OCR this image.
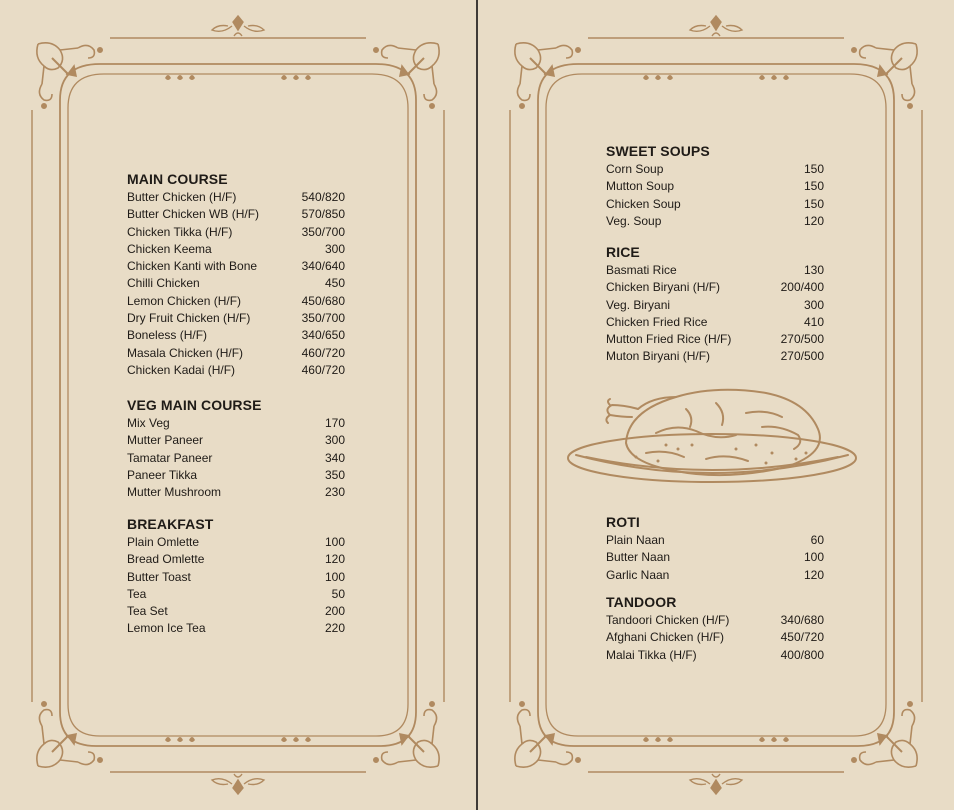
MAIN COURSE
Butter Chicken (H/F)	540/820
Butter Chicken WB (H/F)	570/850
Chicken Tikka (H/F)	350/700
Chicken Keema	300
Chicken Kanti with Bone	340/640
Chilli Chicken	450
Lemon Chicken (H/F)	450/680
Dry Fruit Chicken (H/F)	350/700
Boneless (H/F)	340/650
Masala Chicken (H/F)	460/720
Chicken Kadai (H/F)	460/720
VEG MAIN COURSE
Mix Veg	170
Mutter Paneer	300
Tamatar Paneer	340
Paneer Tikka	350
Mutter Mushroom	230
BREAKFAST
Plain Omlette	100
Bread Omlette	120
Butter Toast	100
Tea	50
Tea Set	200
Lemon Ice Tea	220
SWEET SOUPS
Corn Soup	150
Mutton Soup	150
Chicken Soup	150
Veg. Soup	120
RICE
Basmati Rice	130
Chicken Biryani (H/F)	200/400
Veg. Biryani	300
Chicken Fried Rice	410
Mutton Fried Rice (H/F)	270/500
Muton Biryani (H/F)	270/500
ROTI
Plain Naan	60
Butter Naan	100
Garlic Naan	120
TANDOOR
Tandoori Chicken (H/F)	340/680
Afghani Chicken (H/F)	450/720
Malai Tikka (H/F)	400/800
